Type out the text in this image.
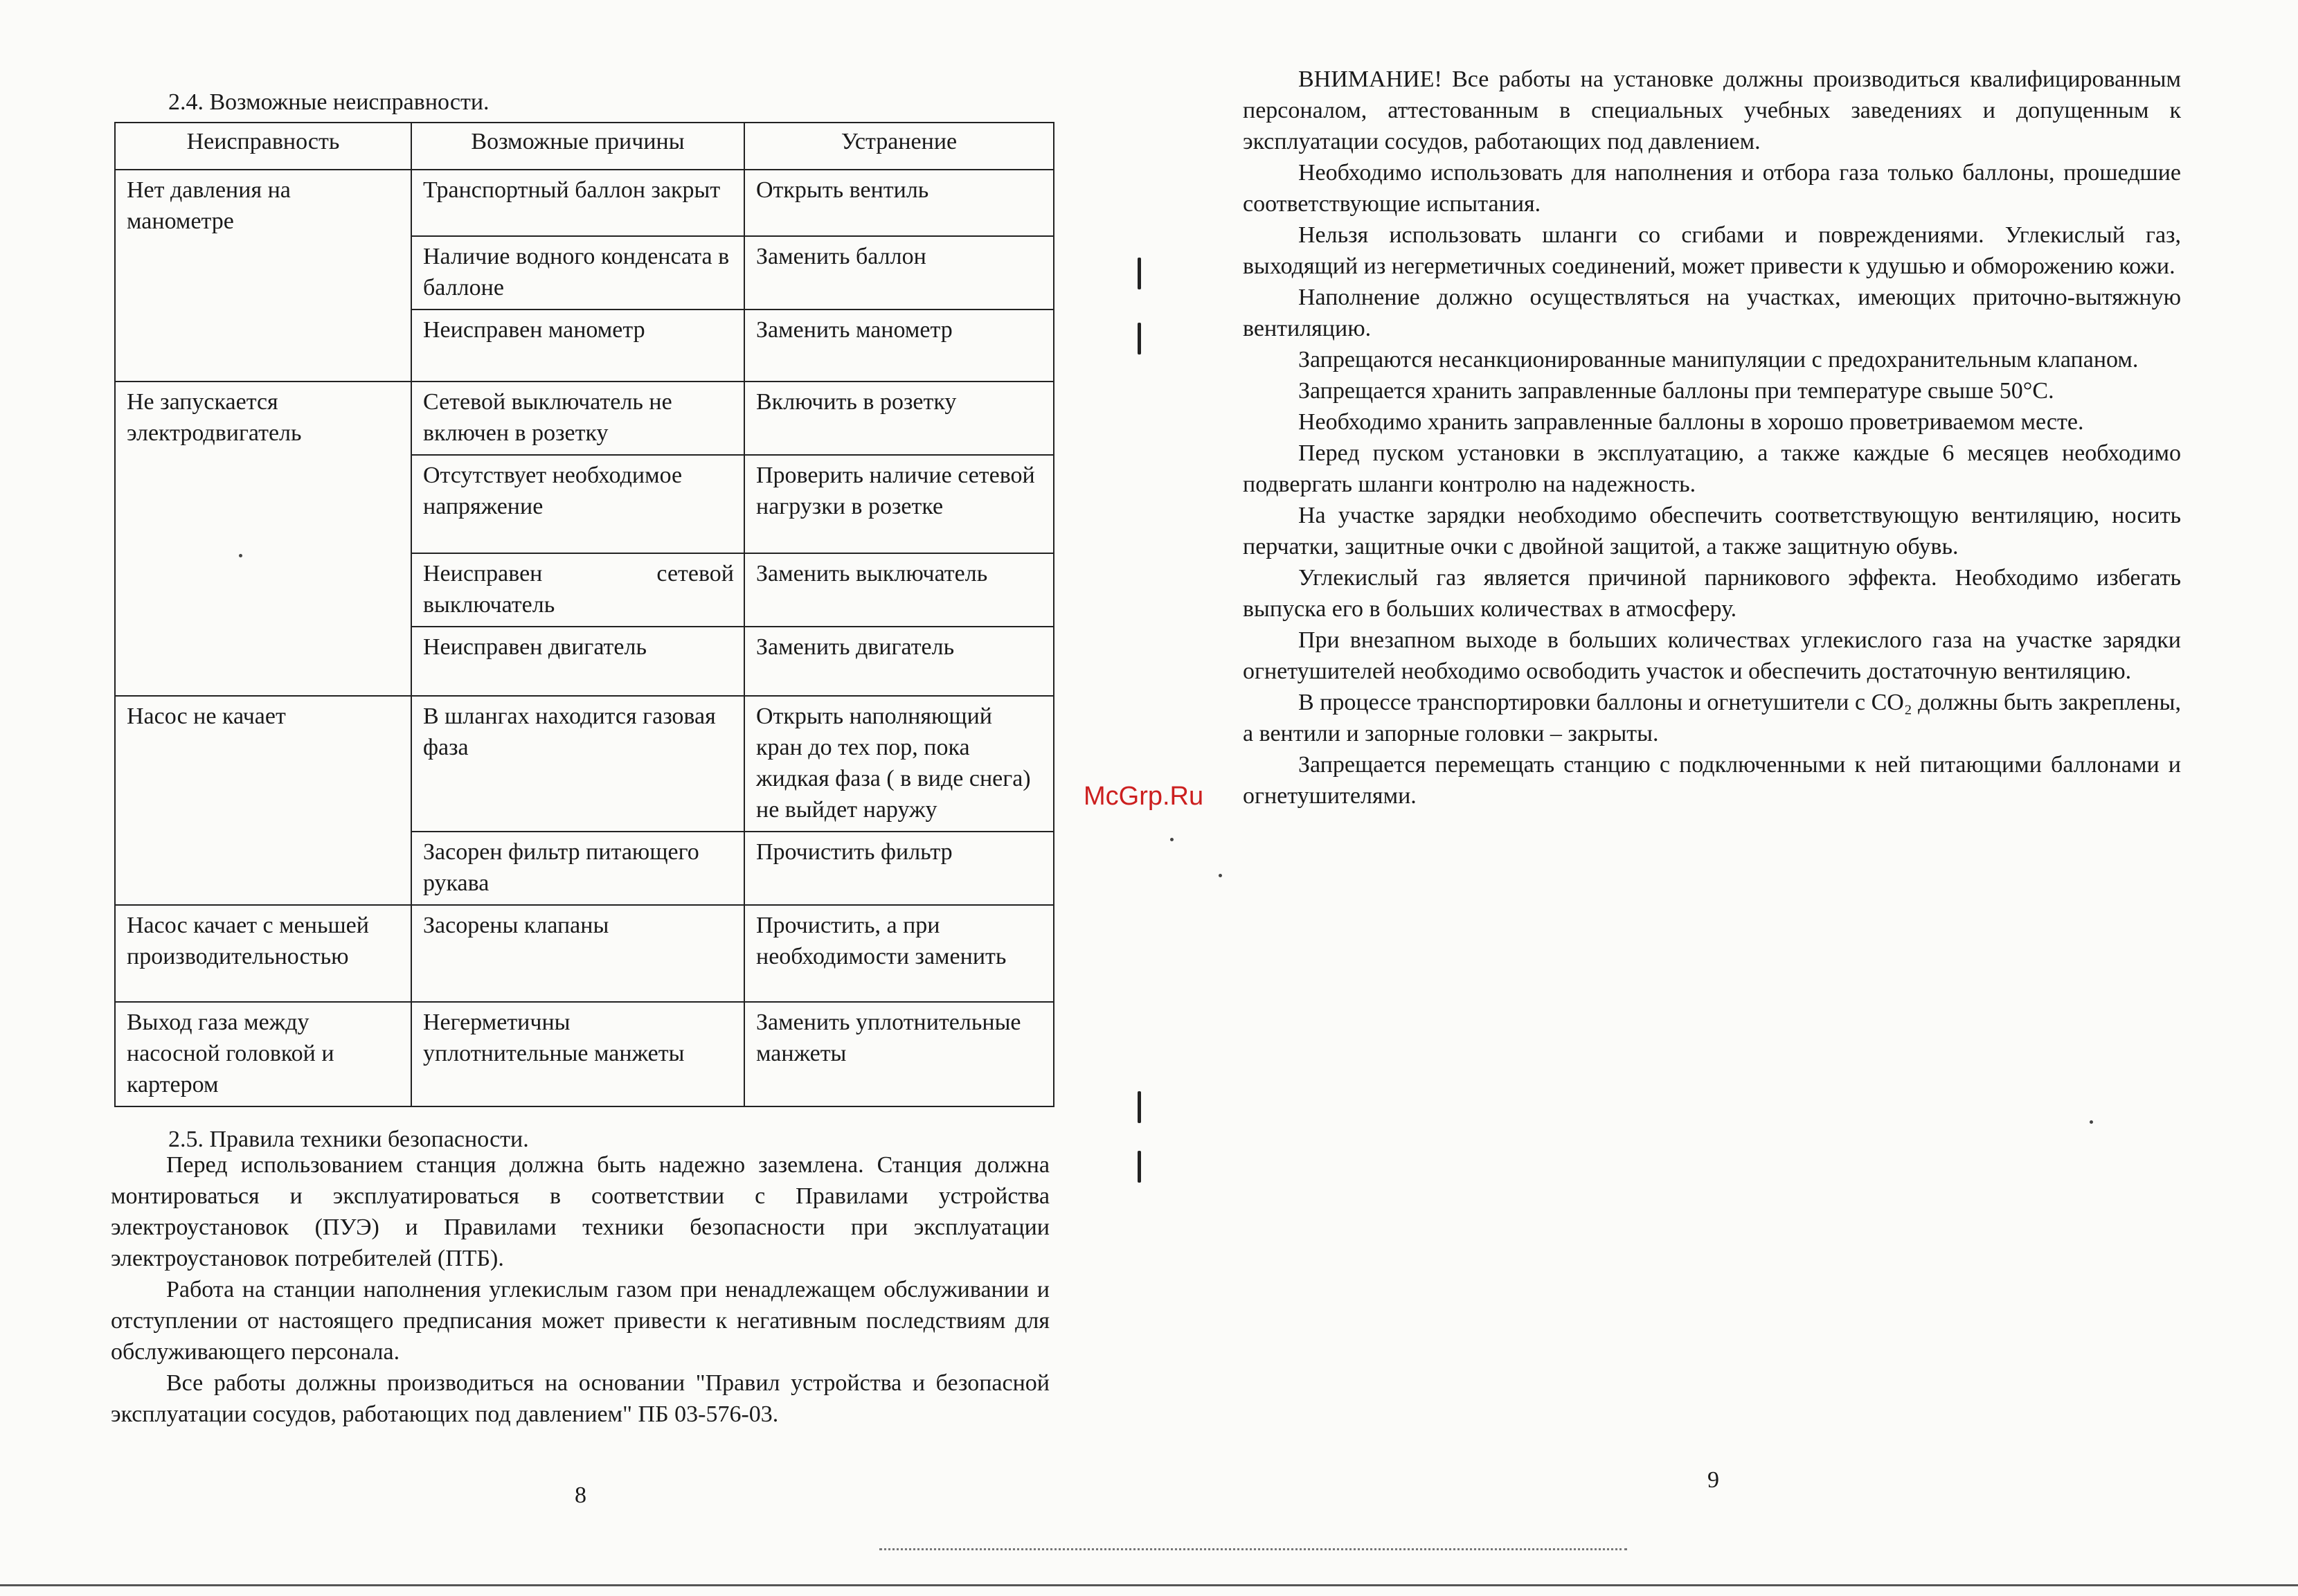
2.4. Возможные неисправности.
Неисправность	Возможные причины	Устранение
Нет давления на манометре	Транспортный баллон закрыт	Открыть вентиль
	Наличие водного конденсата в баллоне	Заменить баллон
	Неисправен манометр	Заменить манометр
Не запускается электродвигатель	Сетевой выключатель не включен в розетку	Включить в розетку
	Отсутствует необходимое напряжение	Проверить наличие сетевой нагрузки в розетке
	Неисправен сетевой выключатель	Заменить выключатель
	Неисправен двигатель	Заменить двигатель
Насос не качает	В шлангах находится газовая фаза	Открыть наполняющий кран до тех пор, пока жидкая фаза ( в виде снега) не выйдет наружу
	Засорен фильтр питающего рукава	Прочистить фильтр
Насос качает с меньшей производительностью	Засорены клапаны	Прочистить, а при необходимости заменить
Выход газа между насосной головкой и картером	Негерметичны уплотнительные манжеты	Заменить уплотнительные манжеты
2.5. Правила техники безопасности.

Перед использованием станция должна быть надежно заземлена. Станция должна монтироваться и эксплуатироваться в соответствии с Правилами устройства электроустановок (ПУЭ) и Правилами техники безопасности при эксплуатации электроустановок потребителей (ПТБ).

Работа на станции наполнения углекислым газом при ненадлежащем обслуживании и отступлении от настоящего предписания может привести к негативным последствиям для обслуживающего персонала.

Все работы должны производиться на основании "Правил устройства и безопасной эксплуатации сосудов, работающих под давлением" ПБ 03-576-03.

8

ВНИМАНИЕ! Все работы на установке должны производиться квалифицированным персоналом, аттестованным в специальных учебных заведениях и допущенным к эксплуатации сосудов, работающих под давлением.

Необходимо использовать для наполнения и отбора газа только баллоны, прошедшие соответствующие испытания.

Нельзя использовать шланги со сгибами и повреждениями. Углекислый газ, выходящий из негерметичных соединений, может привести к удушью и обморожению кожи.

Наполнение должно осуществляться на участках, имеющих приточно-вытяжную вентиляцию.

Запрещаются несанкционированные манипуляции с предохранительным клапаном.

Запрещается хранить заправленные баллоны при температуре свыше 50°С.

Необходимо хранить заправленные баллоны в хорошо проветриваемом месте.

Перед пуском установки в эксплуатацию, а также каждые 6 месяцев необходимо подвергать шланги контролю на надежность.

На участке зарядки необходимо обеспечить соответствующую вентиляцию, носить перчатки, защитные очки с двойной защитой, а также защитную обувь.

Углекислый газ является причиной парникового эффекта. Необходимо избегать выпуска его в больших количествах в атмосферу.

При внезапном выходе в больших количествах углекислого газа на участке зарядки огнетушителей необходимо освободить участок и обеспечить достаточную вентиляцию.

В процессе транспортировки баллоны и огнетушители с СО₂ должны быть закреплены, а вентили и запорные головки – закрыты.

Запрещается перемещать станцию с подключенными к ней питающими баллонами и огнетушителями.

9
McGrp.Ru
